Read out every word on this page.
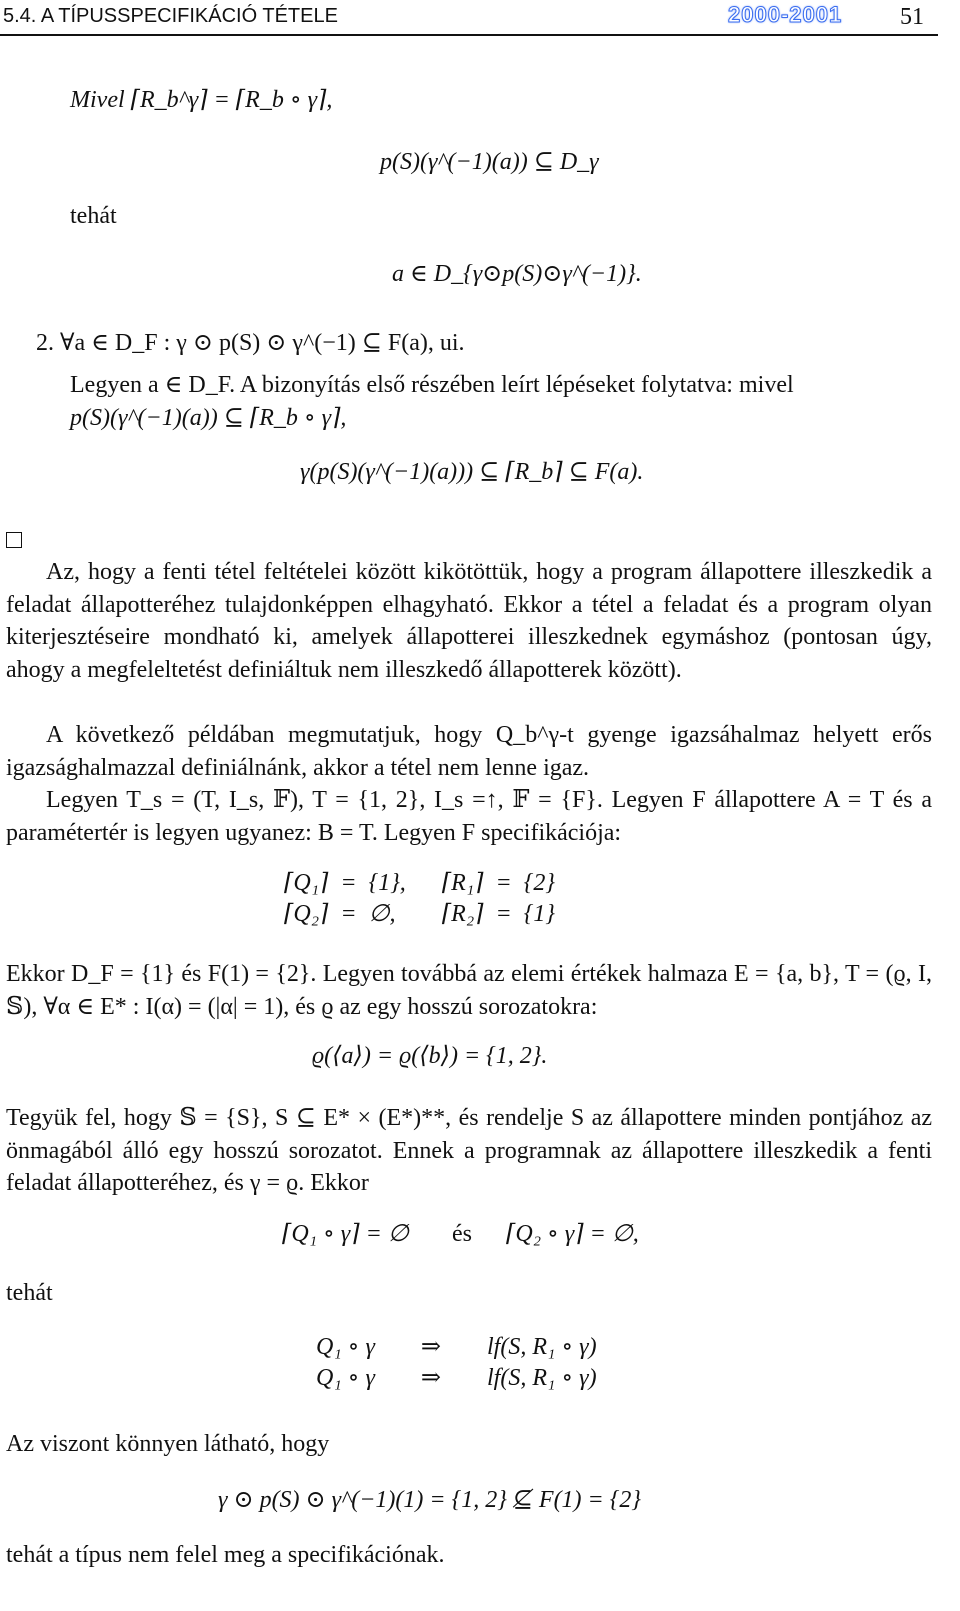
5.4. A TÍPUSSPECIFIKÁCIÓ TÉTELE	2000-2001 51
Mivel ⌈R_b^γ⌉ = ⌈R_b ∘ γ⌉,
p(S)(γ^(−1)(a)) ⊆ D_γ
tehát
a ∈ D_{γ⊙p(S)⊙γ^(−1)}.
2. ∀a ∈ D_F : γ ⊙ p(S) ⊙ γ^(−1) ⊆ F(a), ui.
Legyen a ∈ D_F. A bizonyítás első részében leírt lépéseket folytatva: mivel
p(S)(γ^(−1)(a)) ⊆ ⌈R_b ∘ γ⌉,
γ(p(S)(γ^(−1)(a))) ⊆ ⌈R_b⌉ ⊆ F(a).
Az, hogy a fenti tétel feltételei között kikötöttük, hogy a program állapottere illeszkedik a feladat állapotteréhez tulajdonképpen elhagyható. Ekkor a tétel a feladat és a program olyan kiterjesztéseire mondható ki, amelyek állapotterei illeszkednek egymáshoz (pontosan úgy, ahogy a megfeleltetést definiáltuk nem illeszkedő állapotterek között).
A következő példában megmutatjuk, hogy Q_b^γ-t gyenge igazsáhalmaz helyett erős igazsághalmazzal definiálnánk, akkor a tétel nem lenne igaz.
Legyen T_s = (T, I_s, 𝔽), T = {1, 2}, I_s =↑, 𝔽 = {F}. Legyen F állapottere A = T és a paramétertér is legyen ugyanez: B = T. Legyen F specifikációja:
⌈Q₁⌉	=	{1},	⌈R₁⌉	=	{2}
⌈Q₂⌉	=	∅,	⌈R₂⌉	=	{1}
Ekkor D_F = {1} és F(1) = {2}. Legyen továbbá az elemi értékek halmaza E = {a, b}, T = (ϱ, I, 𝕊), ∀α ∈ E* : I(α) = (|α| = 1), és ϱ az egy hosszú sorozatokra:
ϱ(⟨a⟩) = ϱ(⟨b⟩) = {1, 2}.
Tegyük fel, hogy 𝕊 = {S}, S ⊆ E* × (E*)**, és rendelje S az állapottere minden pontjához az önmagából álló egy hosszú sorozatot. Ennek a programnak az állapottere illeszkedik a fenti feladat állapotteréhez, és γ = ϱ. Ekkor
⌈Q₁ ∘ γ⌉ = ∅ és ⌈Q₂ ∘ γ⌉ = ∅,
tehát
Q₁ ∘ γ	⇒	lf(S, R₁ ∘ γ)
Q₁ ∘ γ	⇒	lf(S, R₁ ∘ γ)
Az viszont könnyen látható, hogy
γ ⊙ p(S) ⊙ γ^(−1)(1) = {1, 2} ⊈ F(1) = {2}
tehát a típus nem felel meg a specifikációnak.
